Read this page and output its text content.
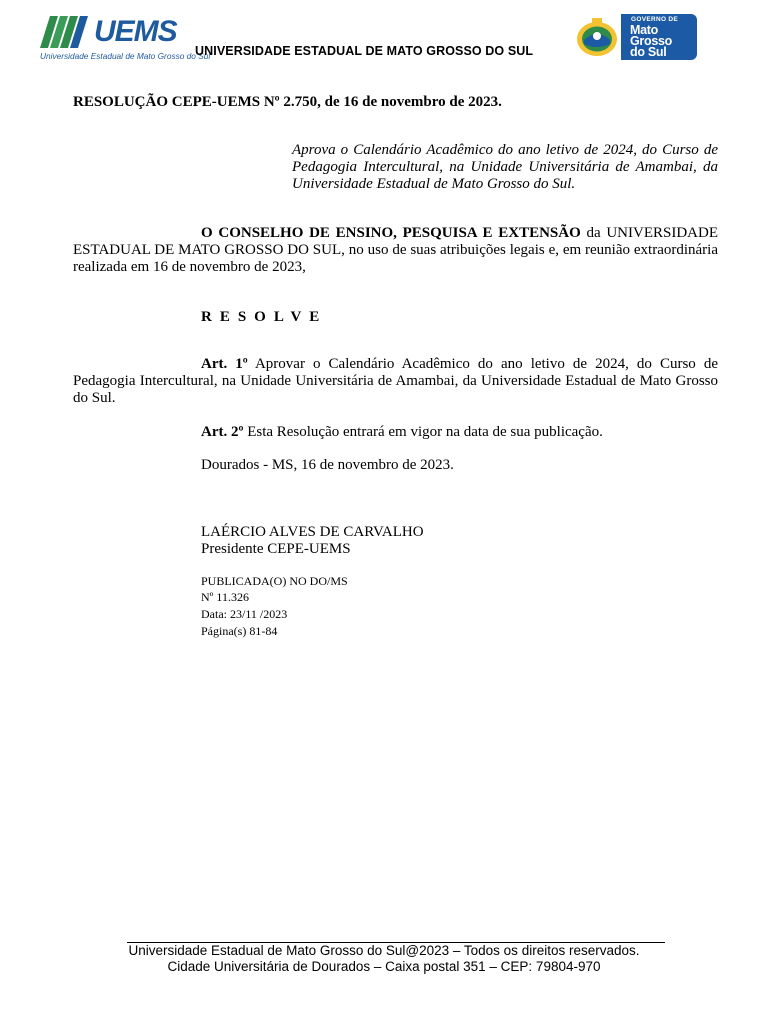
UEMS
Universidade Estadual de Mato Grosso do Sul
UNIVERSIDADE ESTADUAL DE MATO GROSSO DO SUL
GOVERNO DE
Mato
Grosso
do Sul
RESOLUÇÃO CEPE-UEMS Nº 2.750, de 16 de novembro de 2023.
Aprova o Calendário Acadêmico do ano letivo de 2024, do Curso de Pedagogia Intercultural, na Unidade Universitária de Amambai, da Universidade Estadual de Mato Grosso do Sul.
O CONSELHO DE ENSINO, PESQUISA E EXTENSÃO da UNIVERSIDADE ESTADUAL DE MATO GROSSO DO SUL, no uso de suas atribuições legais e, em reunião extraordinária realizada em 16 de novembro de 2023,
RESOLVE
Art. 1º Aprovar o Calendário Acadêmico do ano letivo de 2024, do Curso de Pedagogia Intercultural, na Unidade Universitária de Amambai, da Universidade Estadual de Mato Grosso do Sul.
Art. 2º Esta Resolução entrará em vigor na data de sua publicação.
Dourados - MS, 16 de novembro de 2023.
LAÉRCIO ALVES DE CARVALHO
Presidente CEPE-UEMS
PUBLICADA(O) NO DO/MS
Nº 11.326
Data: 23/11 /2023
Página(s) 81-84
Universidade Estadual de Mato Grosso do Sul@2023 – Todos os direitos reservados.
Cidade Universitária de Dourados – Caixa postal 351 – CEP: 79804-970
